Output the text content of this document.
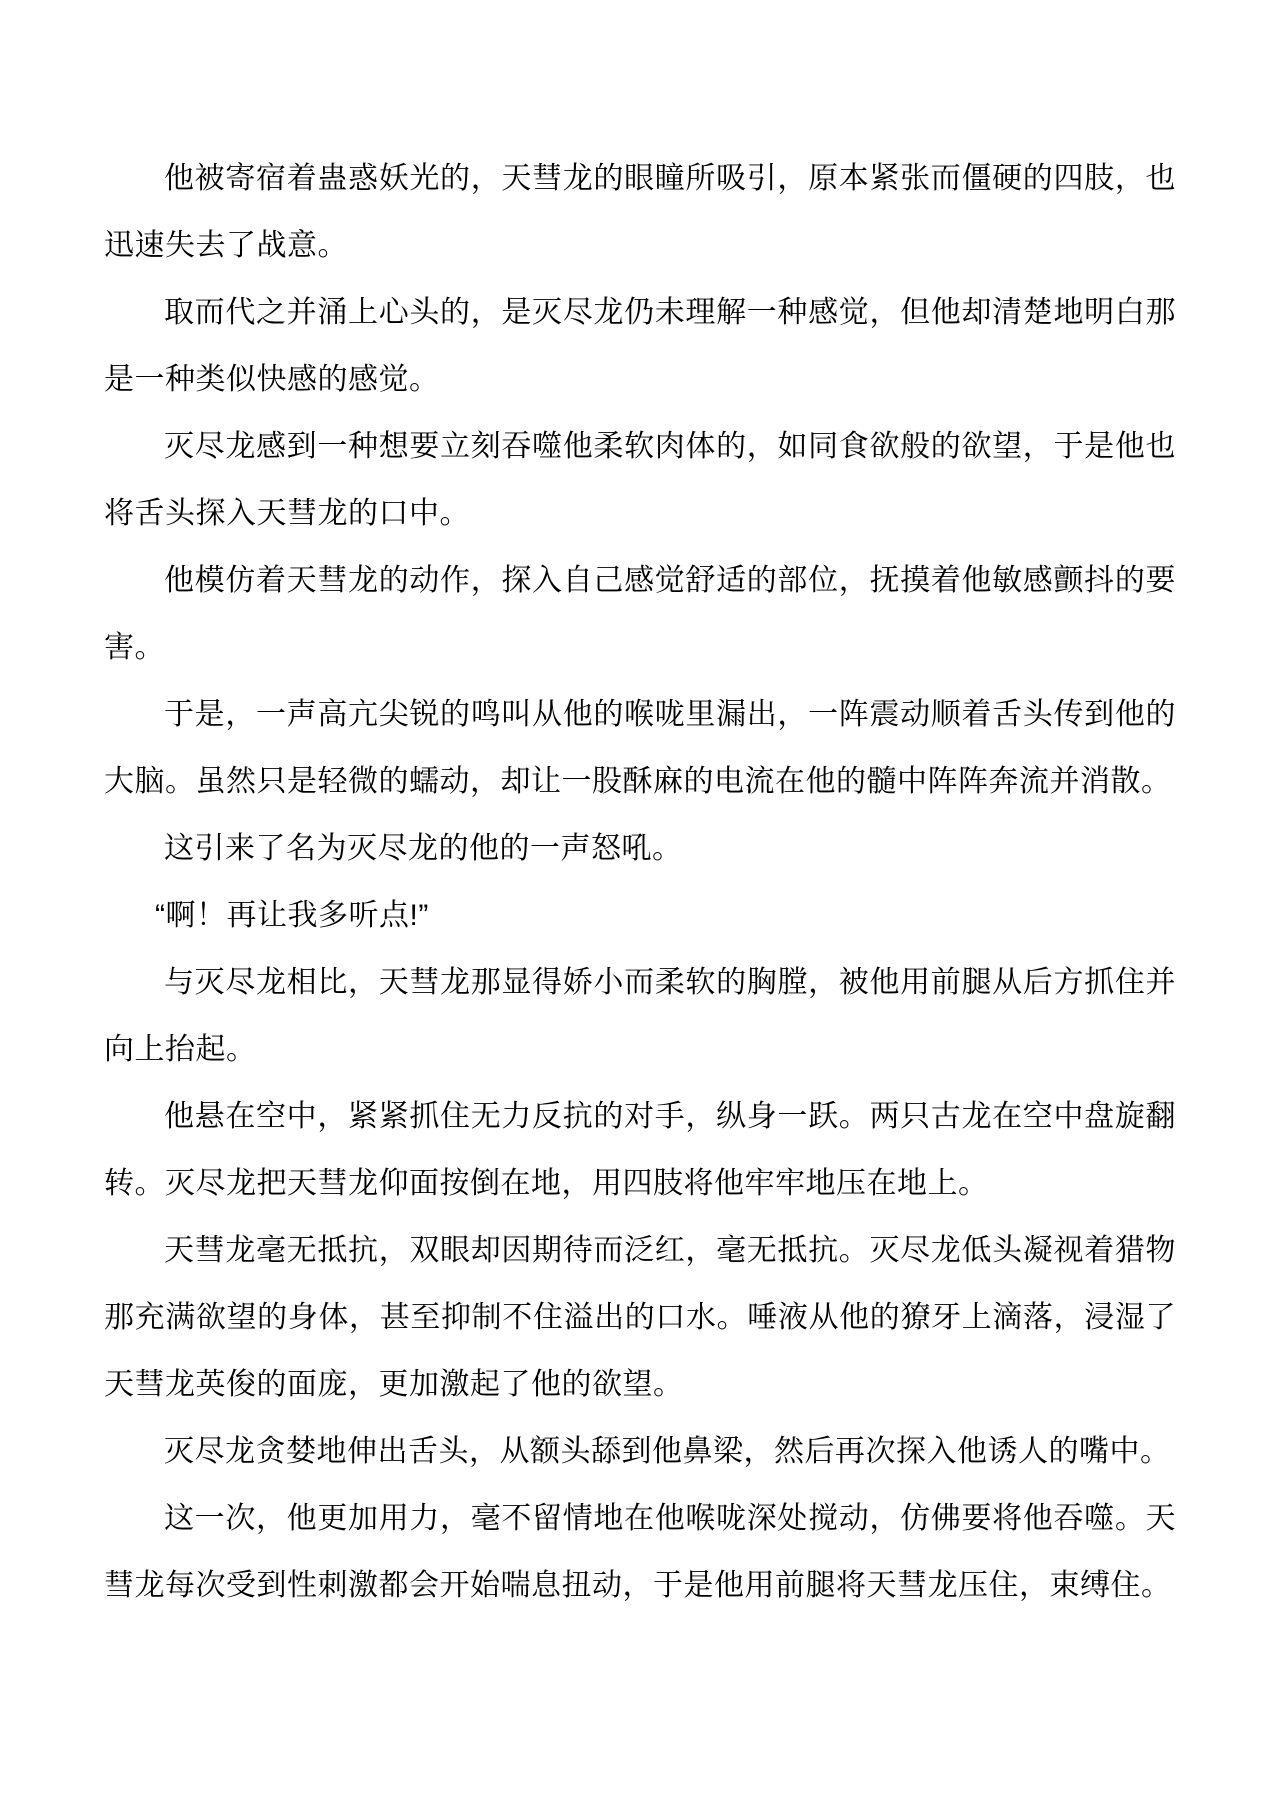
他被寄宿着蛊惑妖光的，天彗龙的眼瞳所吸引，原本紧张而僵硬的四肢，也迅速失去了战意。

取而代之并涌上心头的，是灭尽龙仍未理解一种感觉，但他却清楚地明白那是一种类似快感的感觉。

灭尽龙感到一种想要立刻吞噬他柔软肉体的，如同食欲般的欲望，于是他也将舌头探入天彗龙的口中。

他模仿着天彗龙的动作，探入自己感觉舒适的部位，抚摸着他敏感颤抖的要害。

于是，一声高亢尖锐的鸣叫从他的喉咙里漏出，一阵震动顺着舌头传到他的大脑。虽然只是轻微的蠕动，却让一股酥麻的电流在他的髓中阵阵奔流并消散。

这引来了名为灭尽龙的他的一声怒吼。

“啊！再让我多听点!”

与灭尽龙相比，天彗龙那显得娇小而柔软的胸膛，被他用前腿从后方抓住并向上抬起。

他悬在空中，紧紧抓住无力反抗的对手，纵身一跃。两只古龙在空中盘旋翻转。灭尽龙把天彗龙仰面按倒在地，用四肢将他牢牢地压在地上。

天彗龙毫无抵抗，双眼却因期待而泛红，毫无抵抗。灭尽龙低头凝视着猎物那充满欲望的身体，甚至抑制不住溢出的口水。唾液从他的獠牙上滴落，浸湿了天彗龙英俊的面庞，更加激起了他的欲望。

灭尽龙贪婪地伸出舌头，从额头舔到他鼻梁，然后再次探入他诱人的嘴中。

这一次，他更加用力，毫不留情地在他喉咙深处搅动，仿佛要将他吞噬。天彗龙每次受到性刺激都会开始喘息扭动，于是他用前腿将天彗龙压住，束缚住。
